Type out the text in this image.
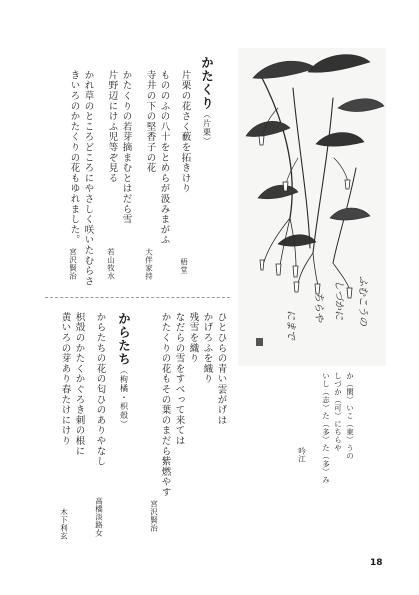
かたくり（片栗）
片栗の花さく藪を拓きけり
梧堂
もののふの八十をとめらが汲みまがふ
寺井の下の堅香子の花
大伴家持
かたくりの若芽摘まむとはだら雪
片野辺にけふ児等ぞ見る
若山牧水
かれ草のところどころにやさしく咲いたむらさ
きいろのかたくりの花もゆれました。
宮沢賢治
ひとひらの青い雲がげは
かげろふを織り
残雪を織り
なだらの雪をすべって来ては
かたくりの花もその葉のまだら紫燃やす
宮沢賢治
からたち（枸橘・枳殻）
からたちの花の匂ひのありやなし
高橋淡路女
枳殻のかたくかぐろき刺の根に
黄いろの芽あり春たけにけり
木下利玄
か（閑）いこ（東）うの
しづか（可）にちらや
いし（志）た（多）た（多）み
吟江
ふむこうの
しづかに
ちらや
にまで
18
